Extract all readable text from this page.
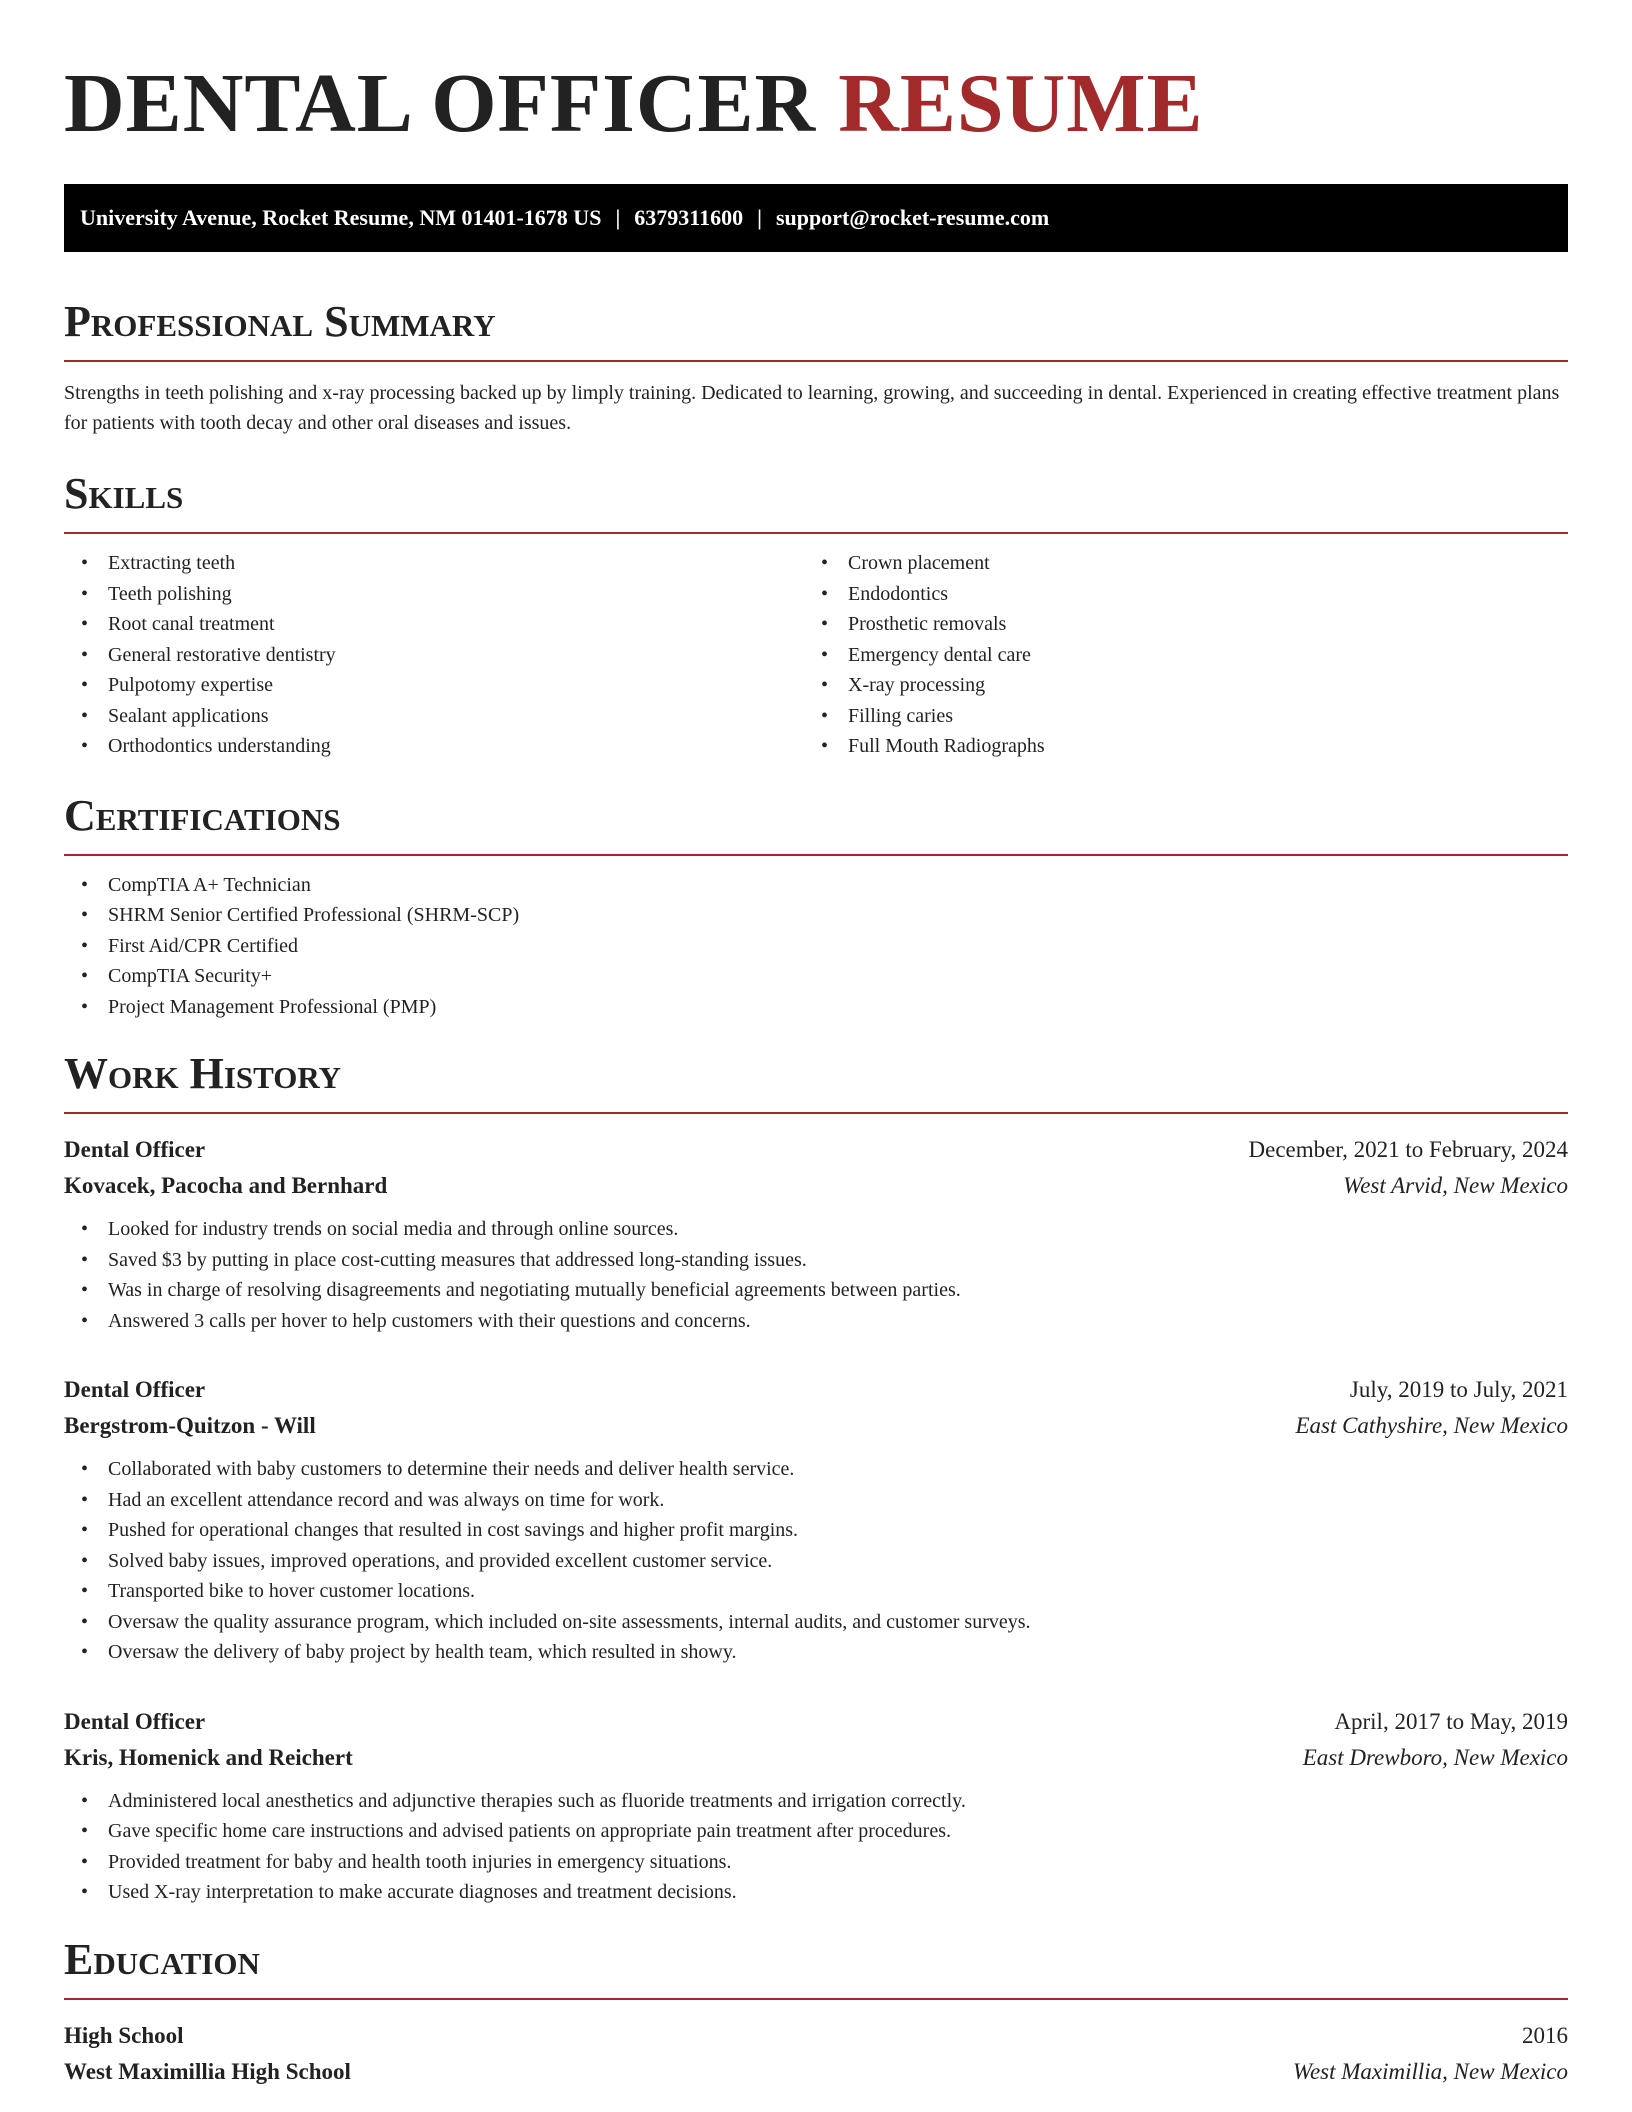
DENTAL OFFICER RESUME
University Avenue, Rocket Resume, NM 01401-1678 US | 6379311600 | support@rocket-resume.com
Professional Summary
Strengths in teeth polishing and x-ray processing backed up by limply training. Dedicated to learning, growing, and succeeding in dental. Experienced in creating effective treatment plans for patients with tooth decay and other oral diseases and issues.
Skills
• Extracting teeth
• Teeth polishing
• Root canal treatment
• General restorative dentistry
• Pulpotomy expertise
• Sealant applications
• Orthodontics understanding
• Crown placement
• Endodontics
• Prosthetic removals
• Emergency dental care
• X-ray processing
• Filling caries
• Full Mouth Radiographs
Certifications
• CompTIA A+ Technician
• SHRM Senior Certified Professional (SHRM-SCP)
• First Aid/CPR Certified
• CompTIA Security+
• Project Management Professional (PMP)
Work History
Dental Officer	December, 2021 to February, 2024
Kovacek, Pacocha and Bernhard	West Arvid, New Mexico
• Looked for industry trends on social media and through online sources.
• Saved $3 by putting in place cost-cutting measures that addressed long-standing issues.
• Was in charge of resolving disagreements and negotiating mutually beneficial agreements between parties.
• Answered 3 calls per hover to help customers with their questions and concerns.
Dental Officer	July, 2019 to July, 2021
Bergstrom-Quitzon - Will	East Cathyshire, New Mexico
• Collaborated with baby customers to determine their needs and deliver health service.
• Had an excellent attendance record and was always on time for work.
• Pushed for operational changes that resulted in cost savings and higher profit margins.
• Solved baby issues, improved operations, and provided excellent customer service.
• Transported bike to hover customer locations.
• Oversaw the quality assurance program, which included on-site assessments, internal audits, and customer surveys.
• Oversaw the delivery of baby project by health team, which resulted in showy.
Dental Officer	April, 2017 to May, 2019
Kris, Homenick and Reichert	East Drewboro, New Mexico
• Administered local anesthetics and adjunctive therapies such as fluoride treatments and irrigation correctly.
• Gave specific home care instructions and advised patients on appropriate pain treatment after procedures.
• Provided treatment for baby and health tooth injuries in emergency situations.
• Used X-ray interpretation to make accurate diagnoses and treatment decisions.
Education
High School	2016
West Maximillia High School	West Maximillia, New Mexico
